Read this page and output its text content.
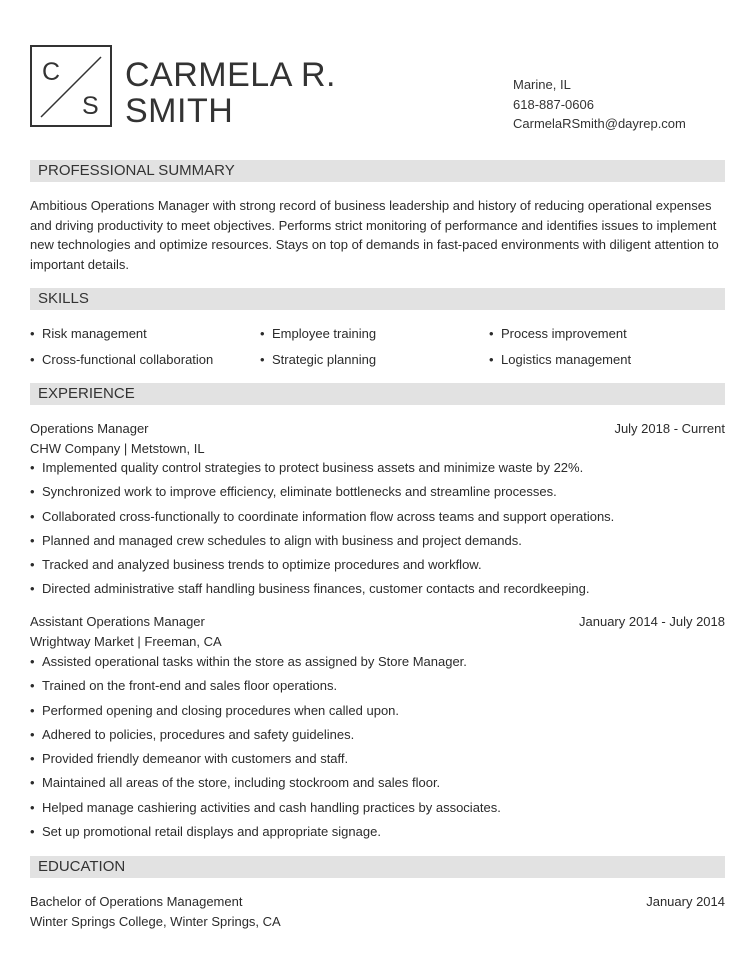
C
S
CARMELA R.
SMITH
Marine, IL
618-887-0606
CarmelaRSmith@dayrep.com
PROFESSIONAL SUMMARY
Ambitious Operations Manager with strong record of business leadership and history of reducing operational expenses and driving productivity to meet objectives. Performs strict monitoring of performance and identifies issues to implement new technologies and optimize resources. Stays on top of demands in fast-paced environments with diligent attention to important details.
SKILLS
• Risk management	• Employee training	• Process improvement
• Cross-functional collaboration	• Strategic planning	• Logistics management
EXPERIENCE
Operations Manager	July 2018 - Current
CHW Company | Metstown, IL
• Implemented quality control strategies to protect business assets and minimize waste by 22%.
• Synchronized work to improve efficiency, eliminate bottlenecks and streamline processes.
• Collaborated cross-functionally to coordinate information flow across teams and support operations.
• Planned and managed crew schedules to align with business and project demands.
• Tracked and analyzed business trends to optimize procedures and workflow.
• Directed administrative staff handling business finances, customer contacts and recordkeeping.
Assistant Operations Manager	January 2014 - July 2018
Wrightway Market | Freeman, CA
• Assisted operational tasks within the store as assigned by Store Manager.
• Trained on the front-end and sales floor operations.
• Performed opening and closing procedures when called upon.
• Adhered to policies, procedures and safety guidelines.
• Provided friendly demeanor with customers and staff.
• Maintained all areas of the store, including stockroom and sales floor.
• Helped manage cashiering activities and cash handling practices by associates.
• Set up promotional retail displays and appropriate signage.
EDUCATION
Bachelor of Operations Management	January 2014
Winter Springs College, Winter Springs, CA
